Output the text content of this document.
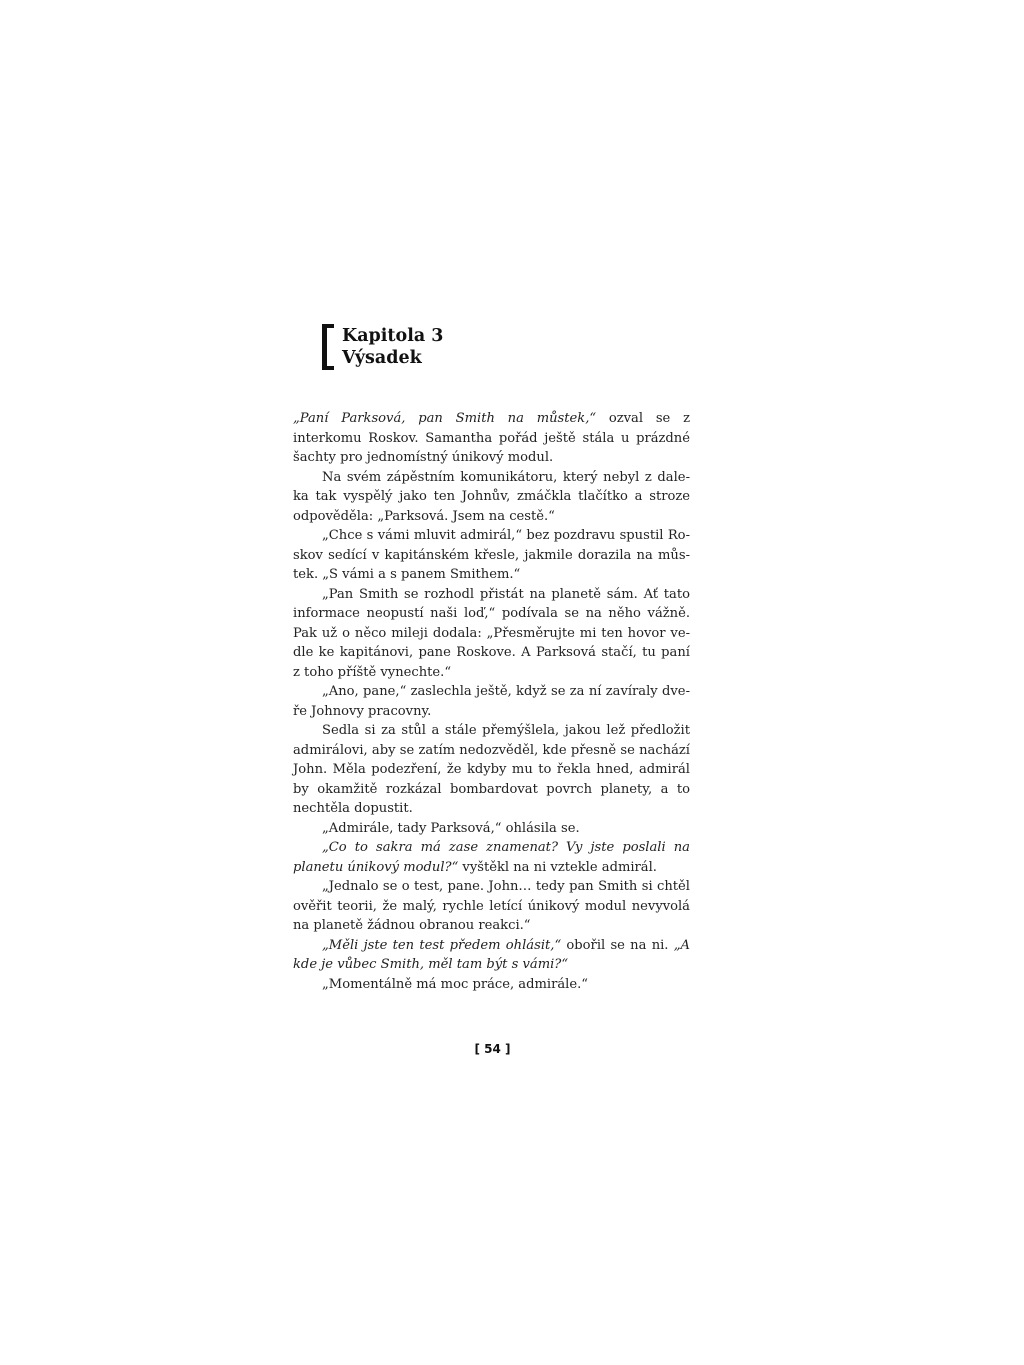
Kapitola 3
Výsadek

„Paní Parksová, pan Smith na můstek,“ ozval se z interkomu Roskov. Samantha pořád ještě stála u prázdné šachty pro jednomístný únikový modul.

Na svém zápěstním komunikátoru, který nebyl z daleka tak vyspělý jako ten Johnův, zmáčkla tlačítko a stroze odpověděla: „Parksová. Jsem na cestě.“

„Chce s vámi mluvit admirál,“ bez pozdravu spustil Roskov sedící v kapitánském křesle, jakmile dorazila na můstek. „S vámi a s panem Smithem.“

„Pan Smith se rozhodl přistát na planetě sám. Ať tato informace neopustí naši loď,“ podívala se na něho vážně. Pak už o něco mileji dodala: „Přesměrujte mi ten hovor vedle ke kapitánovi, pane Roskove. A Parksová stačí, tu paní z toho příště vynechte.“

„Ano, pane,“ zaslechla ještě, když se za ní zavíraly dveře Johnovy pracovny.

Sedla si za stůl a stále přemýšlela, jakou lež předložit admirálovi, aby se zatím nedozvěděl, kde přesně se nachází John. Měla podezření, že kdyby mu to řekla hned, admirál by okamžitě rozkázal bombardovat povrch planety, a to nechtěla dopustit.

„Admirále, tady Parksová,“ ohlásila se.

„Co to sakra má zase znamenat? Vy jste poslali na planetu únikový modul?“ vyštěkl na ni vztekle admirál.

„Jednalo se o test, pane. John… tedy pan Smith si chtěl ověřit teorii, že malý, rychle letící únikový modul nevyvolá na planetě žádnou obranou reakci.“

„Měli jste ten test předem ohlásit,“ obořil se na ni. „A kde je vůbec Smith, měl tam být s vámi?“

„Momentálně má moc práce, admirále.“

[ 54 ]
